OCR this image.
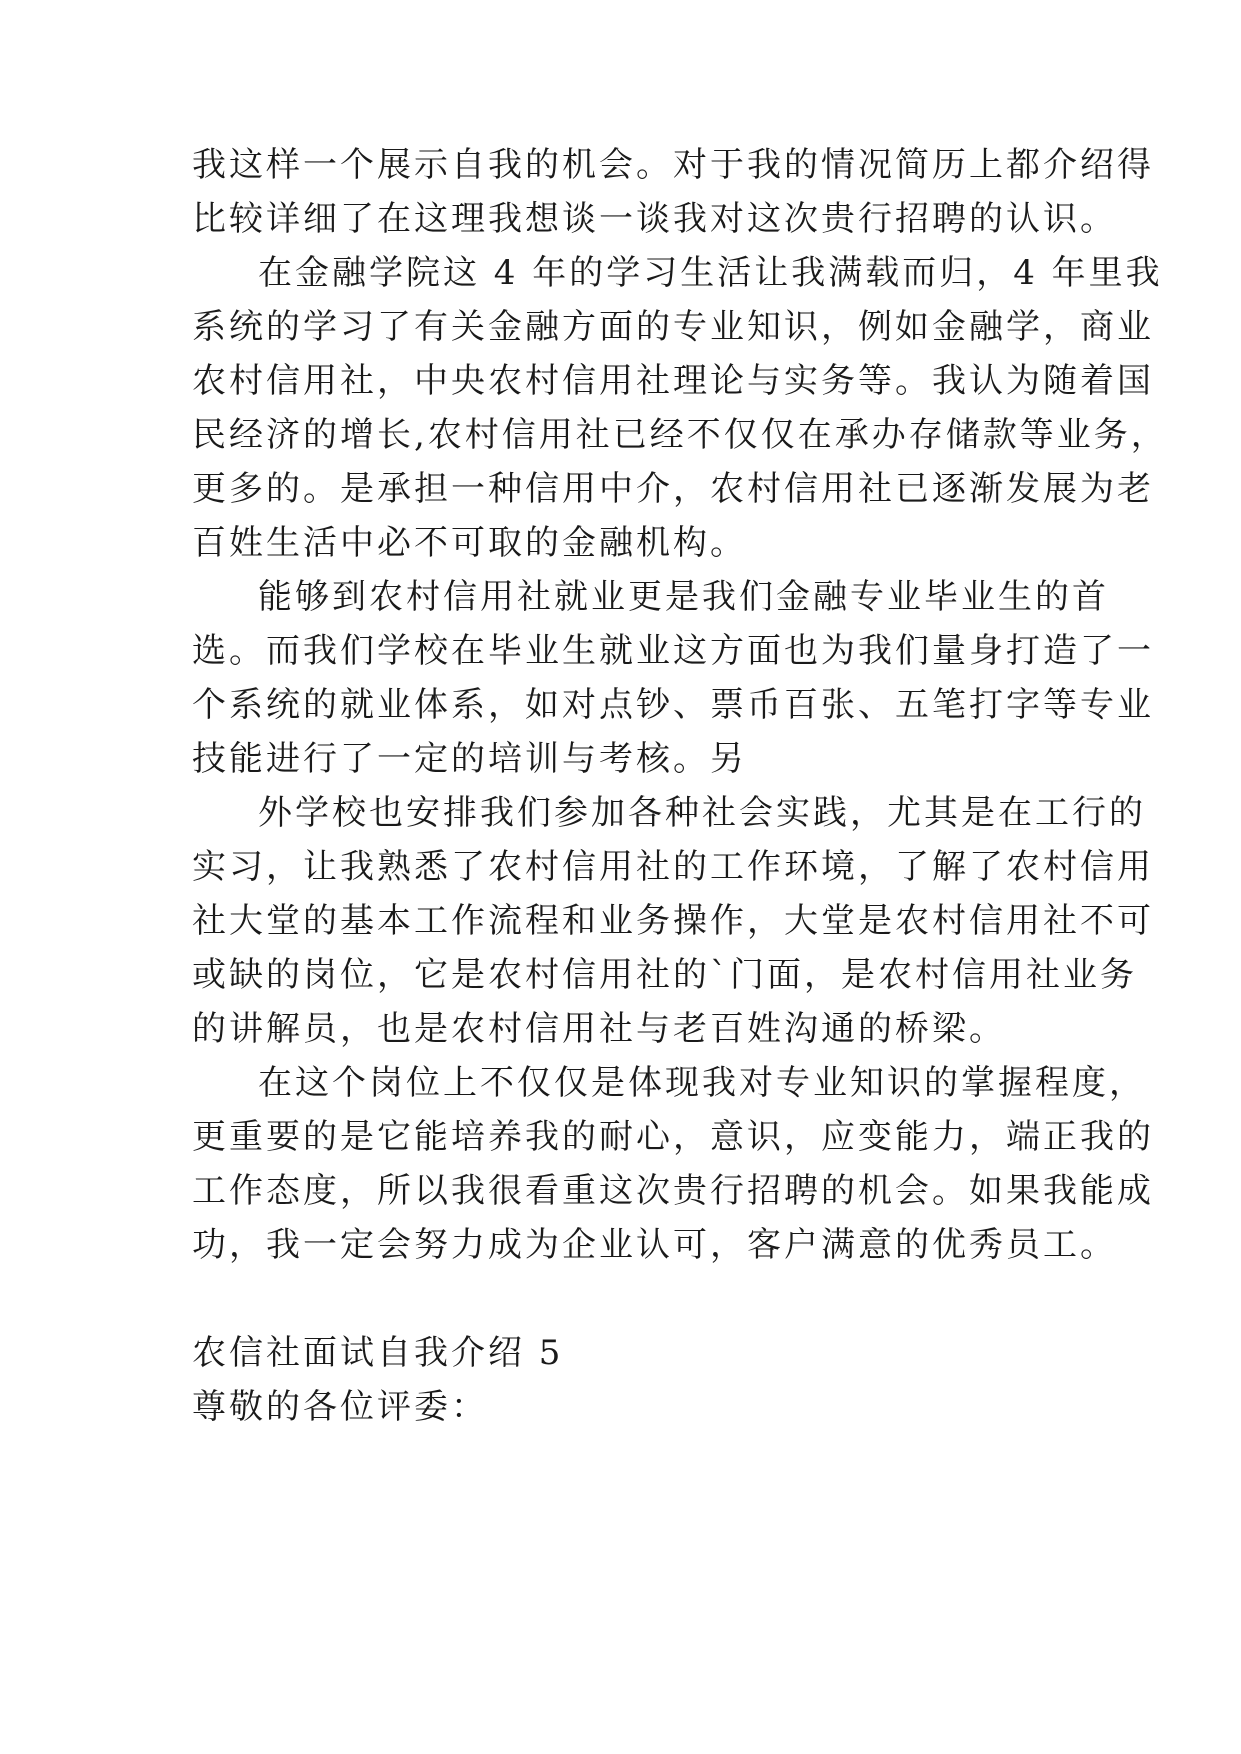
我这样一个展示自我的机会。对于我的情况简历上都介绍得
比较详细了在这理我想谈一谈我对这次贵行招聘的认识。
在金融学院这 4 年的学习生活让我满载而归，4 年里我
系统的学习了有关金融方面的专业知识，例如金融学，商业
农村信用社，中央农村信用社理论与实务等。我认为随着国
民经济的增长,农村信用社已经不仅仅在承办存储款等业务，
更多的。是承担一种信用中介，农村信用社已逐渐发展为老
百姓生活中必不可取的金融机构。
能够到农村信用社就业更是我们金融专业毕业生的首
选。而我们学校在毕业生就业这方面也为我们量身打造了一
个系统的就业体系，如对点钞、票币百张、五笔打字等专业
技能进行了一定的培训与考核。另
外学校也安排我们参加各种社会实践，尤其是在工行的
实习，让我熟悉了农村信用社的工作环境，了解了农村信用
社大堂的基本工作流程和业务操作，大堂是农村信用社不可
或缺的岗位，它是农村信用社的`门面，是农村信用社业务
的讲解员，也是农村信用社与老百姓沟通的桥梁。
在这个岗位上不仅仅是体现我对专业知识的掌握程度，
更重要的是它能培养我的耐心，意识，应变能力，端正我的
工作态度，所以我很看重这次贵行招聘的机会。如果我能成
功，我一定会努力成为企业认可，客户满意的优秀员工。
农信社面试自我介绍 5
尊敬的各位评委：
